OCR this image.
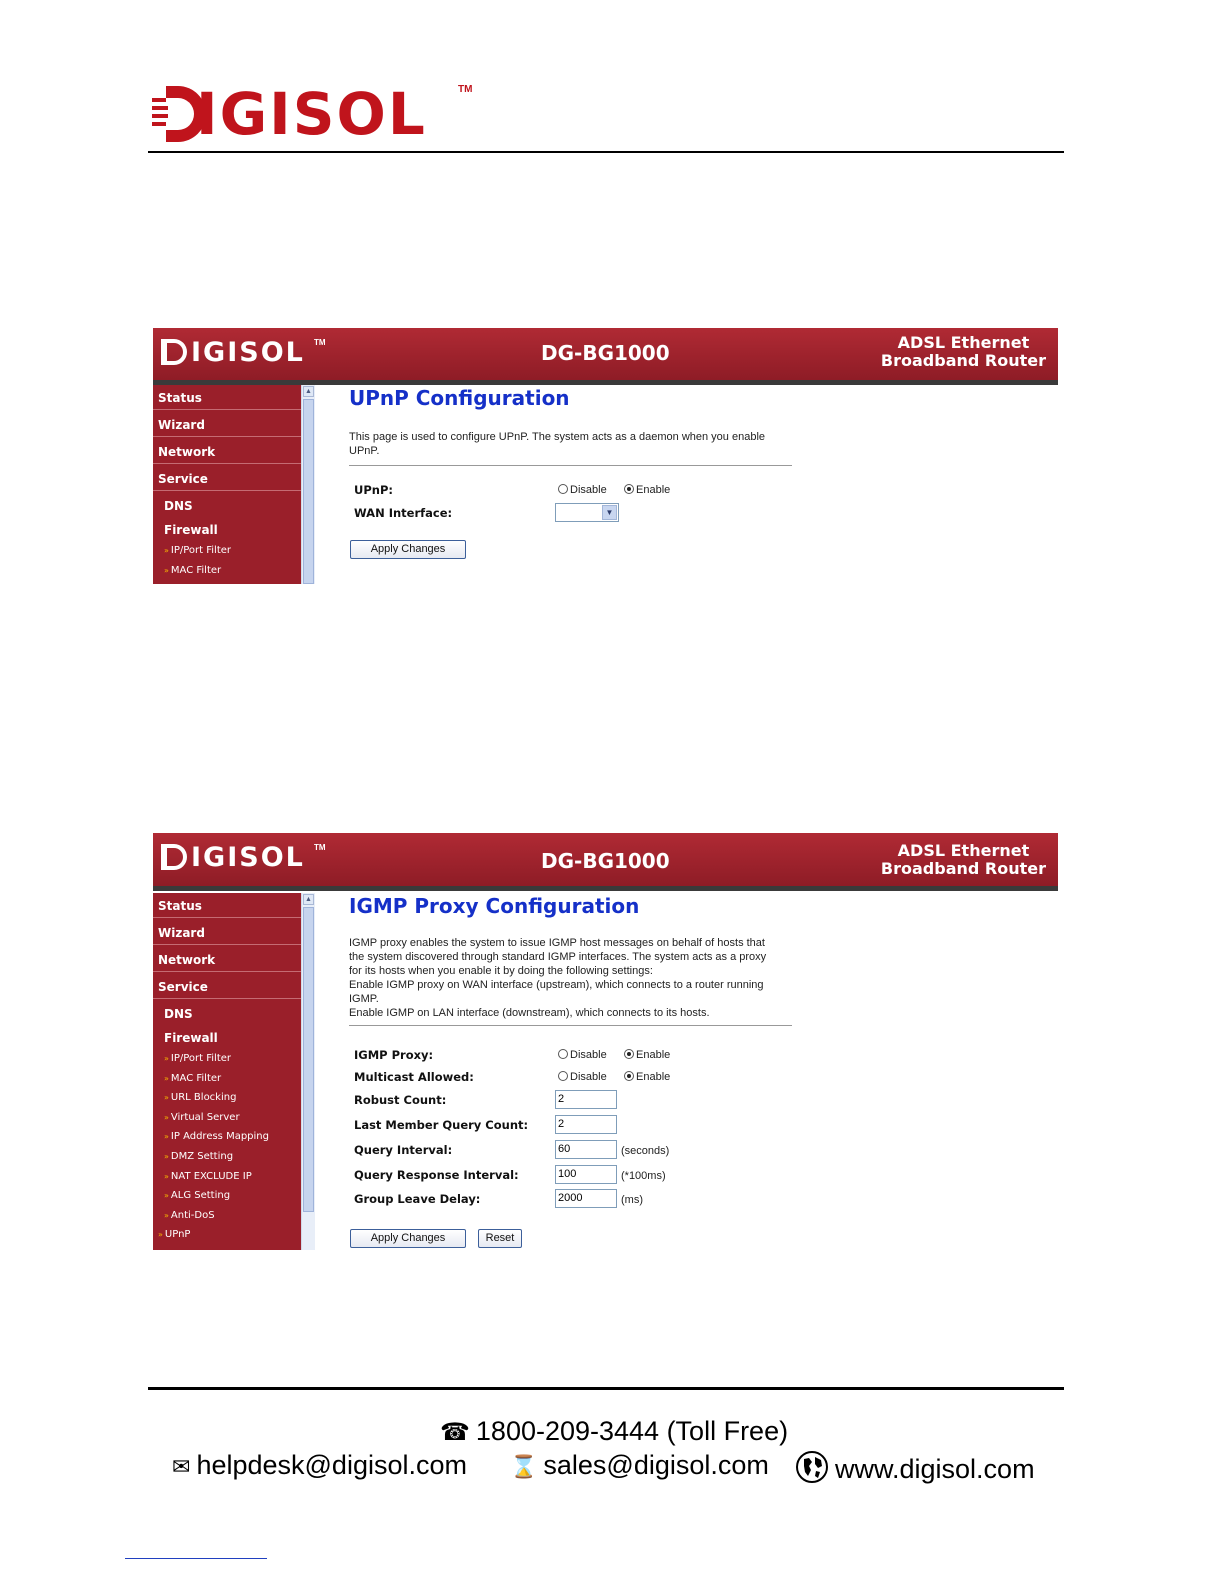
IGISOL	TM
IGISOL TM	DG-BG1000	ADSL Ethernet
Broadband Router
Status
Wizard
Network
Service
DNS
Firewall
» IP/Port Filter
» MAC Filter
▲ UPnP Configuration
This page is used to configure UPnP. The system acts as a daemon when you enable UPnP.
UPnP:	Disable	Enable
WAN Interface:	▼
Apply Changes
IGISOL TM
DG-BG1000	ADSL Ethernet
Broadband Router
Status
Wizard
Network
Service
DNS
Firewall
» IP/Port Filter
» MAC Filter
» URL Blocking
» Virtual Server
» IP Address Mapping
» DMZ Setting
» NAT EXCLUDE IP
» ALG Setting
» Anti-DoS
» UPnP
▲ IGMP Proxy Configuration
IGMP proxy enables the system to issue IGMP host messages on behalf of hosts that
the system discovered through standard IGMP interfaces. The system acts as a proxy
for its hosts when you enable it by doing the following settings:
Enable IGMP proxy on WAN interface (upstream), which connects to a router running
IGMP.
Enable IGMP on LAN interface (downstream), which connects to its hosts.
IGMP Proxy:	Disable	Enable
Multicast Allowed:	Disable	Enable
Robust Count:	2
Last Member Query Count:	2
Query Interval:	60	(seconds)
Query Response Interval:	100	(*100ms)
Group Leave Delay:	2000	(ms)
Apply Changes	Reset
☎ 1800-209-3444 (Toll Free)
✉ helpdesk@digisol.com ⌛ sales@digisol.com	www.digisol.com
